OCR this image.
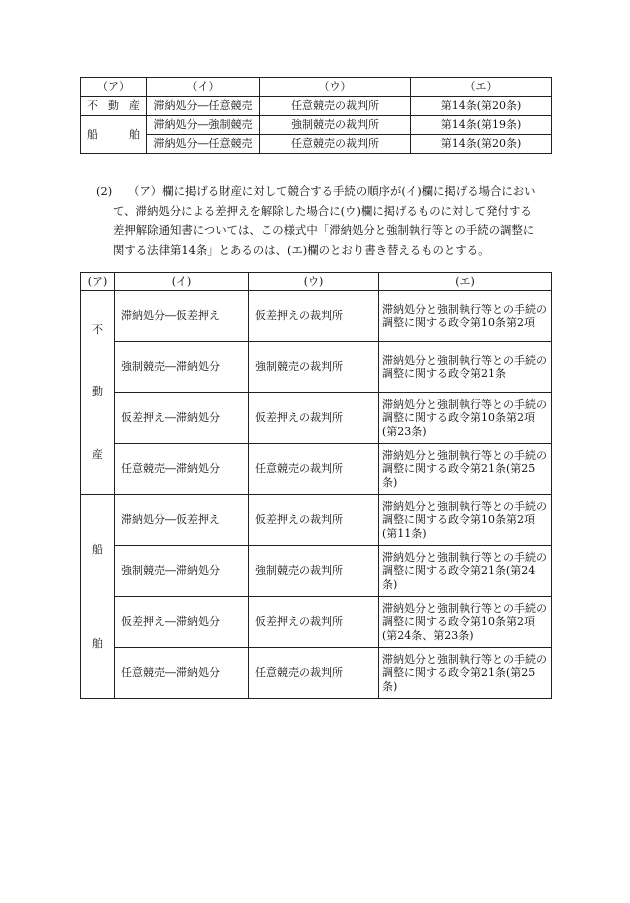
（ア）	（イ）	（ウ）	（エ）
不 動 産	滞納処分―任意競売	任意競売の裁判所	第14条(第20条)
船　　舶	滞納処分―強制競売	強制競売の裁判所	第14条(第19条)
	滞納処分―任意競売	任意競売の裁判所	第14条(第20条)

(2) （ア）欄に掲げる財産に対して競合する手続の順序が(イ)欄に掲げる場合におい
て、滞納処分による差押えを解除した場合に(ウ)欄に掲げるものに対して発付する
差押解除通知書については、この様式中「滞納処分と強制執行等との手続の調整に
関する法律第14条」とあるのは、(エ)欄のとおり書き替えるものとする。

(ア)	(イ)	(ウ)	(エ)

不
動
産	滞納処分―仮差押え	仮差押えの裁判所	滞納処分と強制執行等との手続の調整に関する政令第10条第2項
	強制競売―滞納処分	強制競売の裁判所	滞納処分と強制執行等との手続の調整に関する政令第21条
	仮差押え―滞納処分	仮差押えの裁判所	滞納処分と強制執行等との手続の調整に関する政令第10条第2項(第23条)
	任意競売―滞納処分	任意競売の裁判所	滞納処分と強制執行等との手続の調整に関する政令第21条(第25条)

船
舶	滞納処分―仮差押え	仮差押えの裁判所	滞納処分と強制執行等との手続の調整に関する政令第10条第2項(第11条)
	強制競売―滞納処分	強制競売の裁判所	滞納処分と強制執行等との手続の調整に関する政令第21条(第24条)
	仮差押え―滞納処分	仮差押えの裁判所	滞納処分と強制執行等との手続の調整に関する政令第10条第2項(第24条、第23条)
	任意競売―滞納処分	任意競売の裁判所	滞納処分と強制執行等との手続の調整に関する政令第21条(第25条)
